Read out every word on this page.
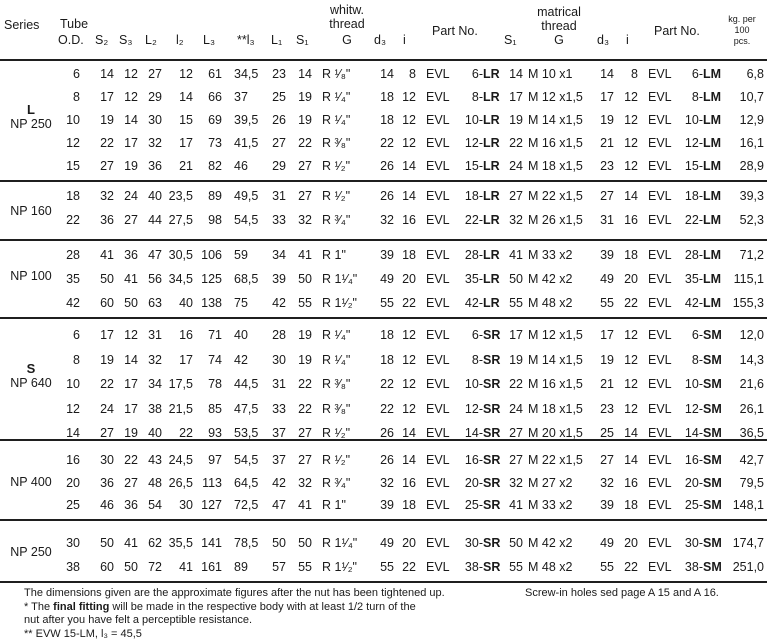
Series Tube
O.D. S₂ S₃ L₂ l₂ L₃ **l₃ L₁ S₁
whitw.
thread
G	d₃ i
Part No.
S₁
matrical
thread
G	d₃ i
Part No.
kg. per
100
pcs.
L
NP 250
6	14 12 27	12	61 34,5	23 14 R ¹⁄₈"	14	8 EVL	6- LR 14 M 10 x1	14	8 EVL	6- LM	6,8
8	17 12 29	14	66 37	25 19 R ¹⁄₄"	18 12 EVL	8- LR 17 M 12 x1,5	17 12 EVL	8- LM	10,7
10	19 14 30	15	69 39,5	26 19 R ¹⁄₄"	18 12 EVL	10- LR 19 M 14 x1,5	19 12 EVL	10- LM	12,9
12	22 17 32	17	73 41,5	27 22 R ³⁄₈"	22 12 EVL	12- LR 22 M 16 x1,5	21 12 EVL	12- LM	16,1
15	27 19 36	21	82 46	29 27 R ¹⁄₂"	26 14 EVL	15- LR 24 M 18 x1,5	23 12 EVL	15- LM	28,9
NP 160
18	32 24 40 23,5	89 49,5	31 27 R ¹⁄₂"	26 14 EVL	18- LR 27 M 22 x1,5	27 14 EVL	18- LM	39,3
22	36 27 44 27,5	98 54,5	33 32 R ³⁄₄"	32 16 EVL	22- LR 32 M 26 x1,5	31 16 EVL	22- LM	52,3
NP 100
28	41 36 47 30,5 106 59	34 41 R 1"	39 18 EVL	28- LR 41 M 33 x2	39 18 EVL	28- LM	71,2
35	50 41 56 34,5 125 68,5	39 50 R 1¹⁄₄"	49 20 EVL	35- LR 50 M 42 x2	49 20 EVL	35- LM	115,1
42	60 50 63	40 138 75	42 55 R 1¹⁄₂"	55 22 EVL	42- LR 55 M 48 x2	55 22 EVL	42- LM 155,3
S
NP 640
6	17 12 31	16	71 40	28 19 R ¹⁄₄"	18 12 EVL	6- SR 17 M 12 x1,5	17 12 EVL	6- SM	12,0
8	19 14 32	17	74 42	30 19 R ¹⁄₄"	18 12 EVL	8- SR 19 M 14 x1,5	19 12 EVL	8- SM	14,3
10	22 17 34 17,5	78 44,5	31 22 R ³⁄₈"	22 12 EVL	10- SR 22 M 16 x1,5	21 12 EVL	10- SM	21,6
12	24 17 38 21,5	85 47,5	33 22 R ³⁄₈"	22 12 EVL	12- SR 24 M 18 x1,5	23 12 EVL	12- SM	26,1
14	27 19 40	22	93 53,5	37 27 R ¹⁄₂"	26 14 EVL	14- SR 27 M 20 x1,5	25 14 EVL	14- SM	36,5
NP 400
16	30 22 43 24,5	97 54,5	37 27 R ¹⁄₂"	26 14 EVL	16- SR 27 M 22 x1,5	27 14 EVL	16- SM	42,7
20	36 27 48 26,5 113 64,5	42 32 R ³⁄₄"	32 16 EVL	20- SR 32 M 27 x2	32 16 EVL	20- SM	79,5
25	46 36 54	30 127 72,5	47 41 R 1"	39 18 EVL	25- SR 41 M 33 x2	39 18 EVL	25- SM 148,1
NP 250
30	50 41 62 35,5 141 78,5	50 50 R 1¹⁄₄"	49 20 EVL	30- SR 50 M 42 x2	49 20 EVL	30- SM 174,7
38	60 50 72	41 161 89	57 55 R 1¹⁄₂"	55 22 EVL	38- SR 55 M 48 x2	55 22 EVL	38- SM 251,0
The dimensions given are the approximate figures after the nut has been tightened up.	Screw-in holes sed page A 15 and A 16.
* The final fitting will be made in the respective body with at least 1/2 turn of the
nut after you have felt a perceptible resistance.
** EVW 15-LM, l₃ = 45,5
